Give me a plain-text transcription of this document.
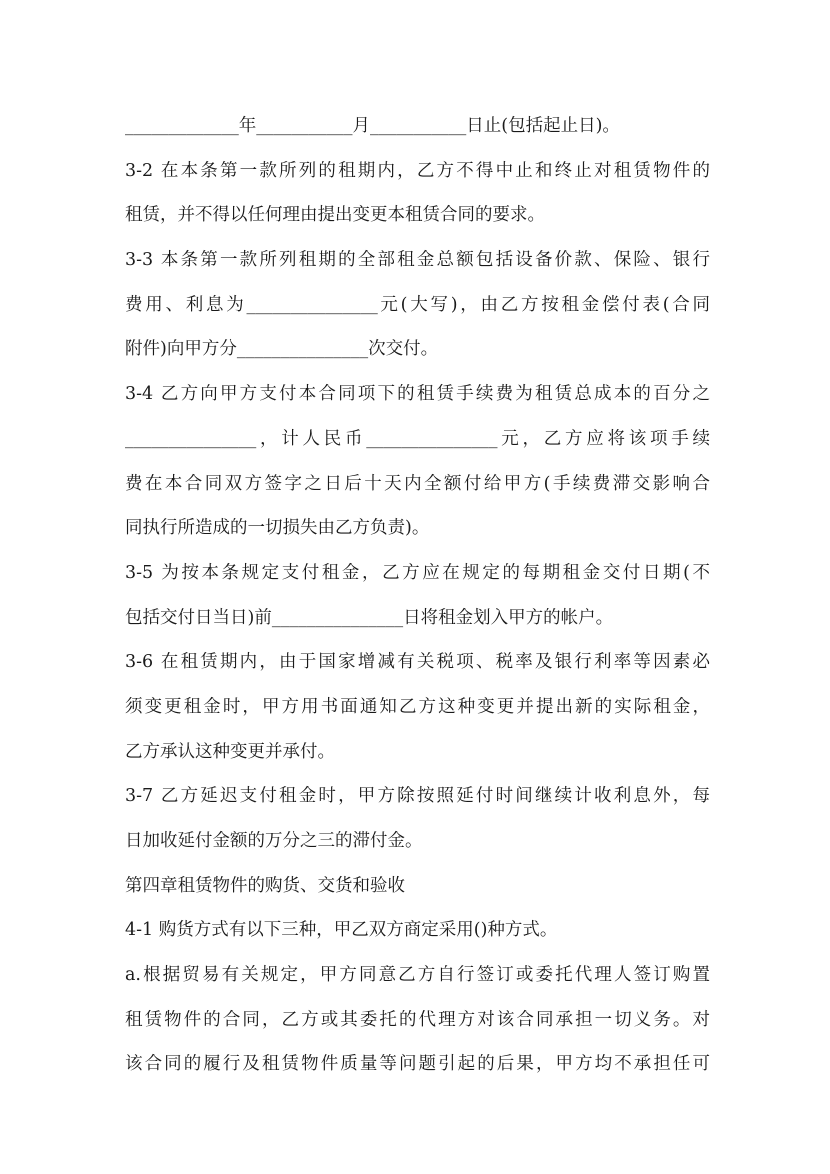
_____________年___________月___________日止(包括起止日)。
3-2 在本条第一款所列的租期内，乙方不得中止和终止对租赁物件的
租赁，并不得以任何理由提出变更本租赁合同的要求。
3-3 本条第一款所列租期的全部租金总额包括设备价款、保险、银行
费用、利息为_______________元(大写)，由乙方按租金偿付表(合同
附件)向甲方分_______________次交付。
3-4 乙方向甲方支付本合同项下的租赁手续费为租赁总成本的百分之
_______________，计人民币_______________元，乙方应将该项手续
费在本合同双方签字之日后十天内全额付给甲方(手续费滞交影响合
同执行所造成的一切损失由乙方负责)。
3-5 为按本条规定支付租金，乙方应在规定的每期租金交付日期(不
包括交付日当日)前_______________日将租金划入甲方的帐户。
3-6 在租赁期内，由于国家增减有关税项、税率及银行利率等因素必
须变更租金时，甲方用书面通知乙方这种变更并提出新的实际租金，
乙方承认这种变更并承付。
3-7 乙方延迟支付租金时，甲方除按照延付时间继续计收利息外，每
日加收延付金额的万分之三的滞付金。
第四章租赁物件的购货、交货和验收
4-1 购货方式有以下三种，甲乙双方商定采用()种方式。
a.根据贸易有关规定，甲方同意乙方自行签订或委托代理人签订购置
租赁物件的合同，乙方或其委托的代理方对该合同承担一切义务。对
该合同的履行及租赁物件质量等问题引起的后果，甲方均不承担任可
